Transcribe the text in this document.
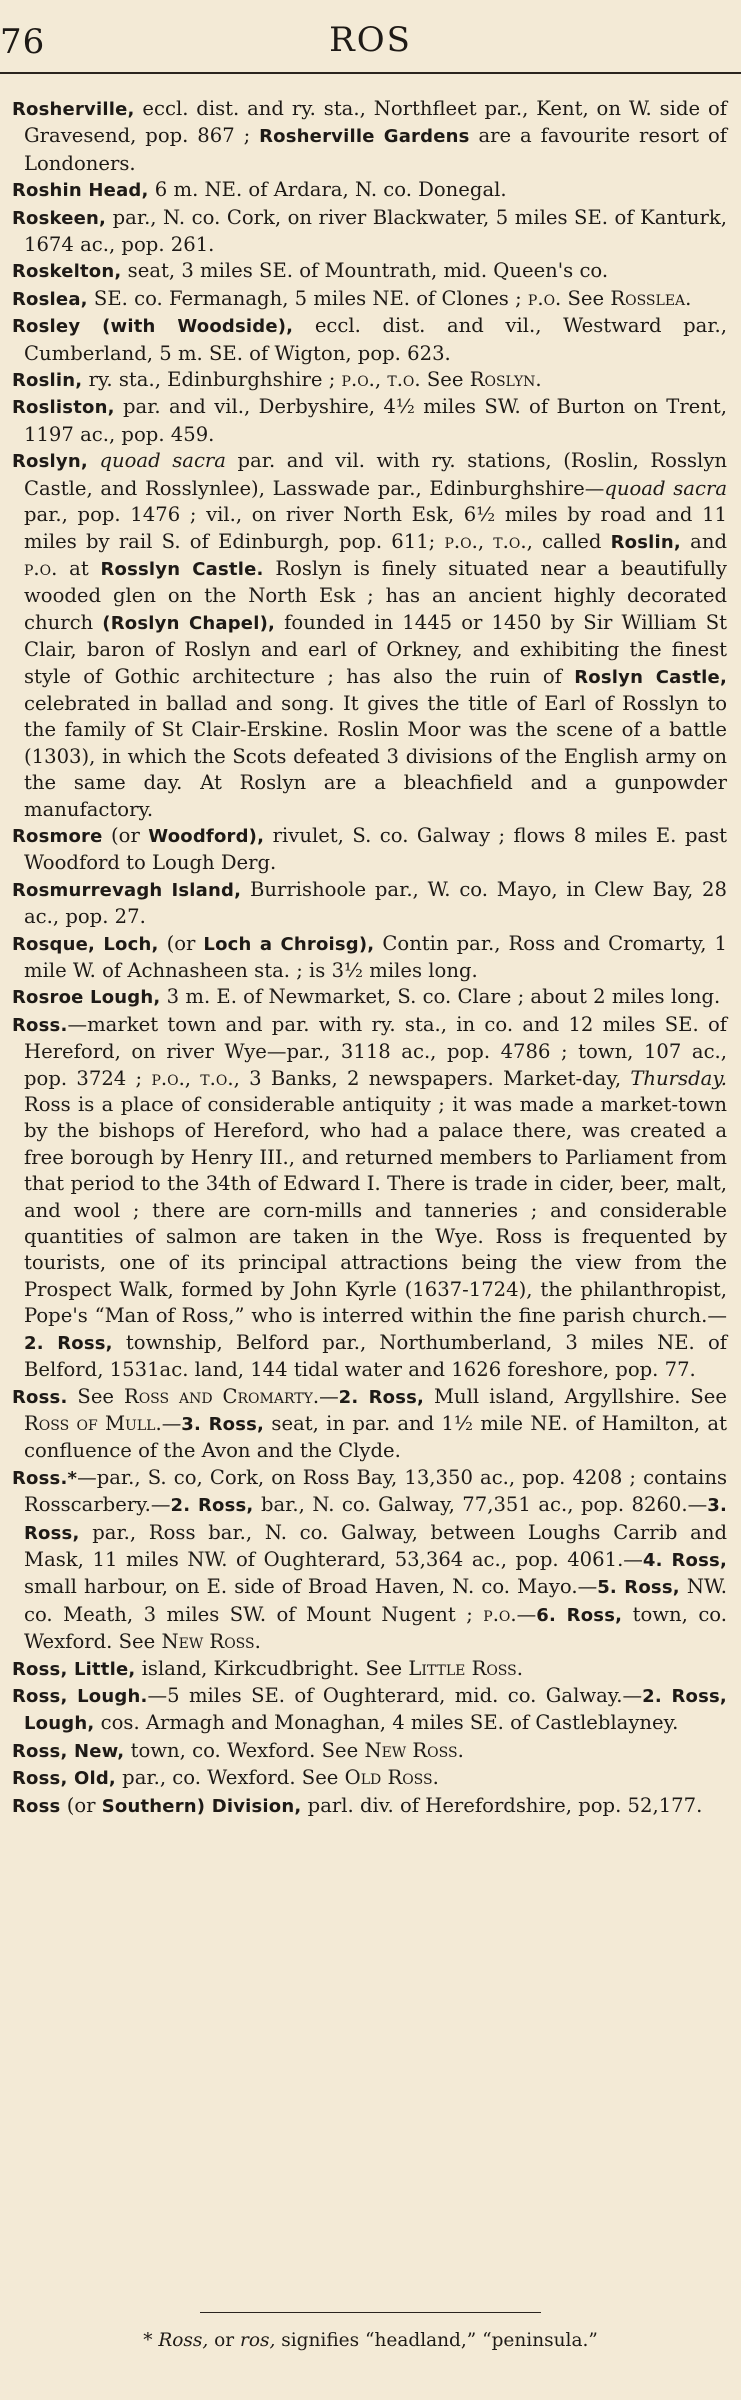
76	ROS

Rosherville, eccl. dist. and ry. sta., Northfleet par., Kent, on W. side of Gravesend, pop. 867 ; Rosherville Gardens are a favourite resort of Londoners.

Roshin Head, 6 m. NE. of Ardara, N. co. Donegal.

Roskeen, par., N. co. Cork, on river Blackwater, 5 miles SE. of Kanturk, 1674 ac., pop. 261.

Roskelton, seat, 3 miles SE. of Mountrath, mid. Queen's co.

Roslea, SE. co. Fermanagh, 5 miles NE. of Clones ; p.o. See Rosslea.

Rosley (with Woodside), eccl. dist. and vil., Westward par., Cumberland, 5 m. SE. of Wigton, pop. 623.

Roslin, ry. sta., Edinburghshire ; p.o., t.o. See Roslyn.

Rosliston, par. and vil., Derbyshire, 4½ miles SW. of Burton on Trent, 1197 ac., pop. 459.

Roslyn, quoad sacra par. and vil. with ry. stations, (Roslin, Rosslyn Castle, and Rosslynlee), Lasswade par., Edinburghshire—quoad sacra par., pop. 1476 ; vil., on river North Esk, 6½ miles by road and 11 miles by rail S. of Edinburgh, pop. 611; p.o., t.o., called Roslin, and p.o. at Rosslyn Castle. Roslyn is finely situated near a beautifully wooded glen on the North Esk ; has an ancient highly decorated church (Roslyn Chapel), founded in 1445 or 1450 by Sir William St Clair, baron of Roslyn and earl of Orkney, and exhibiting the finest style of Gothic architecture ; has also the ruin of Roslyn Castle, celebrated in ballad and song. It gives the title of Earl of Rosslyn to the family of St Clair-Erskine. Roslin Moor was the scene of a battle (1303), in which the Scots defeated 3 divisions of the English army on the same day. At Roslyn are a bleachfield and a gunpowder manufactory.

Rosmore (or Woodford), rivulet, S. co. Galway ; flows 8 miles E. past Woodford to Lough Derg.

Rosmurrevagh Island, Burrishoole par., W. co. Mayo, in Clew Bay, 28 ac., pop. 27.

Rosque, Loch, (or Loch a Chroisg), Contin par., Ross and Cromarty, 1 mile W. of Achnasheen sta. ; is 3½ miles long.

Rosroe Lough, 3 m. E. of Newmarket, S. co. Clare ; about 2 miles long.

Ross.—market town and par. with ry. sta., in co. and 12 miles SE. of Hereford, on river Wye—par., 3118 ac., pop. 4786 ; town, 107 ac., pop. 3724 ; p.o., t.o., 3 Banks, 2 newspapers. Market-day, Thursday. Ross is a place of considerable antiquity ; it was made a market-town by the bishops of Hereford, who had a palace there, was created a free borough by Henry III., and returned members to Parliament from that period to the 34th of Edward I. There is trade in cider, beer, malt, and wool ; there are corn-mills and tanneries ; and considerable quantities of salmon are taken in the Wye. Ross is frequented by tourists, one of its principal attractions being the view from the Prospect Walk, formed by John Kyrle (1637-1724), the philanthropist, Pope's “Man of Ross,” who is interred within the fine parish church.—2. Ross, township, Belford par., Northumberland, 3 miles NE. of Belford, 1531ac. land, 144 tidal water and 1626 foreshore, pop. 77.

Ross. See Ross and Cromarty.—2. Ross, Mull island, Argyllshire. See Ross of Mull.—3. Ross, seat, in par. and 1½ mile NE. of Hamilton, at confluence of the Avon and the Clyde.

Ross.*—par., S. co, Cork, on Ross Bay, 13,350 ac., pop. 4208 ; contains Rosscarbery.—2. Ross, bar., N. co. Galway, 77,351 ac., pop. 8260.—3. Ross, par., Ross bar., N. co. Galway, between Loughs Carrib and Mask, 11 miles NW. of Oughterard, 53,364 ac., pop. 4061.—4. Ross, small harbour, on E. side of Broad Haven, N. co. Mayo.—5. Ross, NW. co. Meath, 3 miles SW. of Mount Nugent ; p.o.—6. Ross, town, co. Wexford. See New Ross.

Ross, Little, island, Kirkcudbright. See Little Ross.

Ross, Lough.—5 miles SE. of Oughterard, mid. co. Galway.—2. Ross, Lough, cos. Armagh and Monaghan, 4 miles SE. of Castleblayney.

Ross, New, town, co. Wexford. See New Ross.

Ross, Old, par., co. Wexford. See Old Ross.

Ross (or Southern) Division, parl. div. of Herefordshire, pop. 52,177.

* Ross, or ros, signifies “headland,” “peninsula.”
